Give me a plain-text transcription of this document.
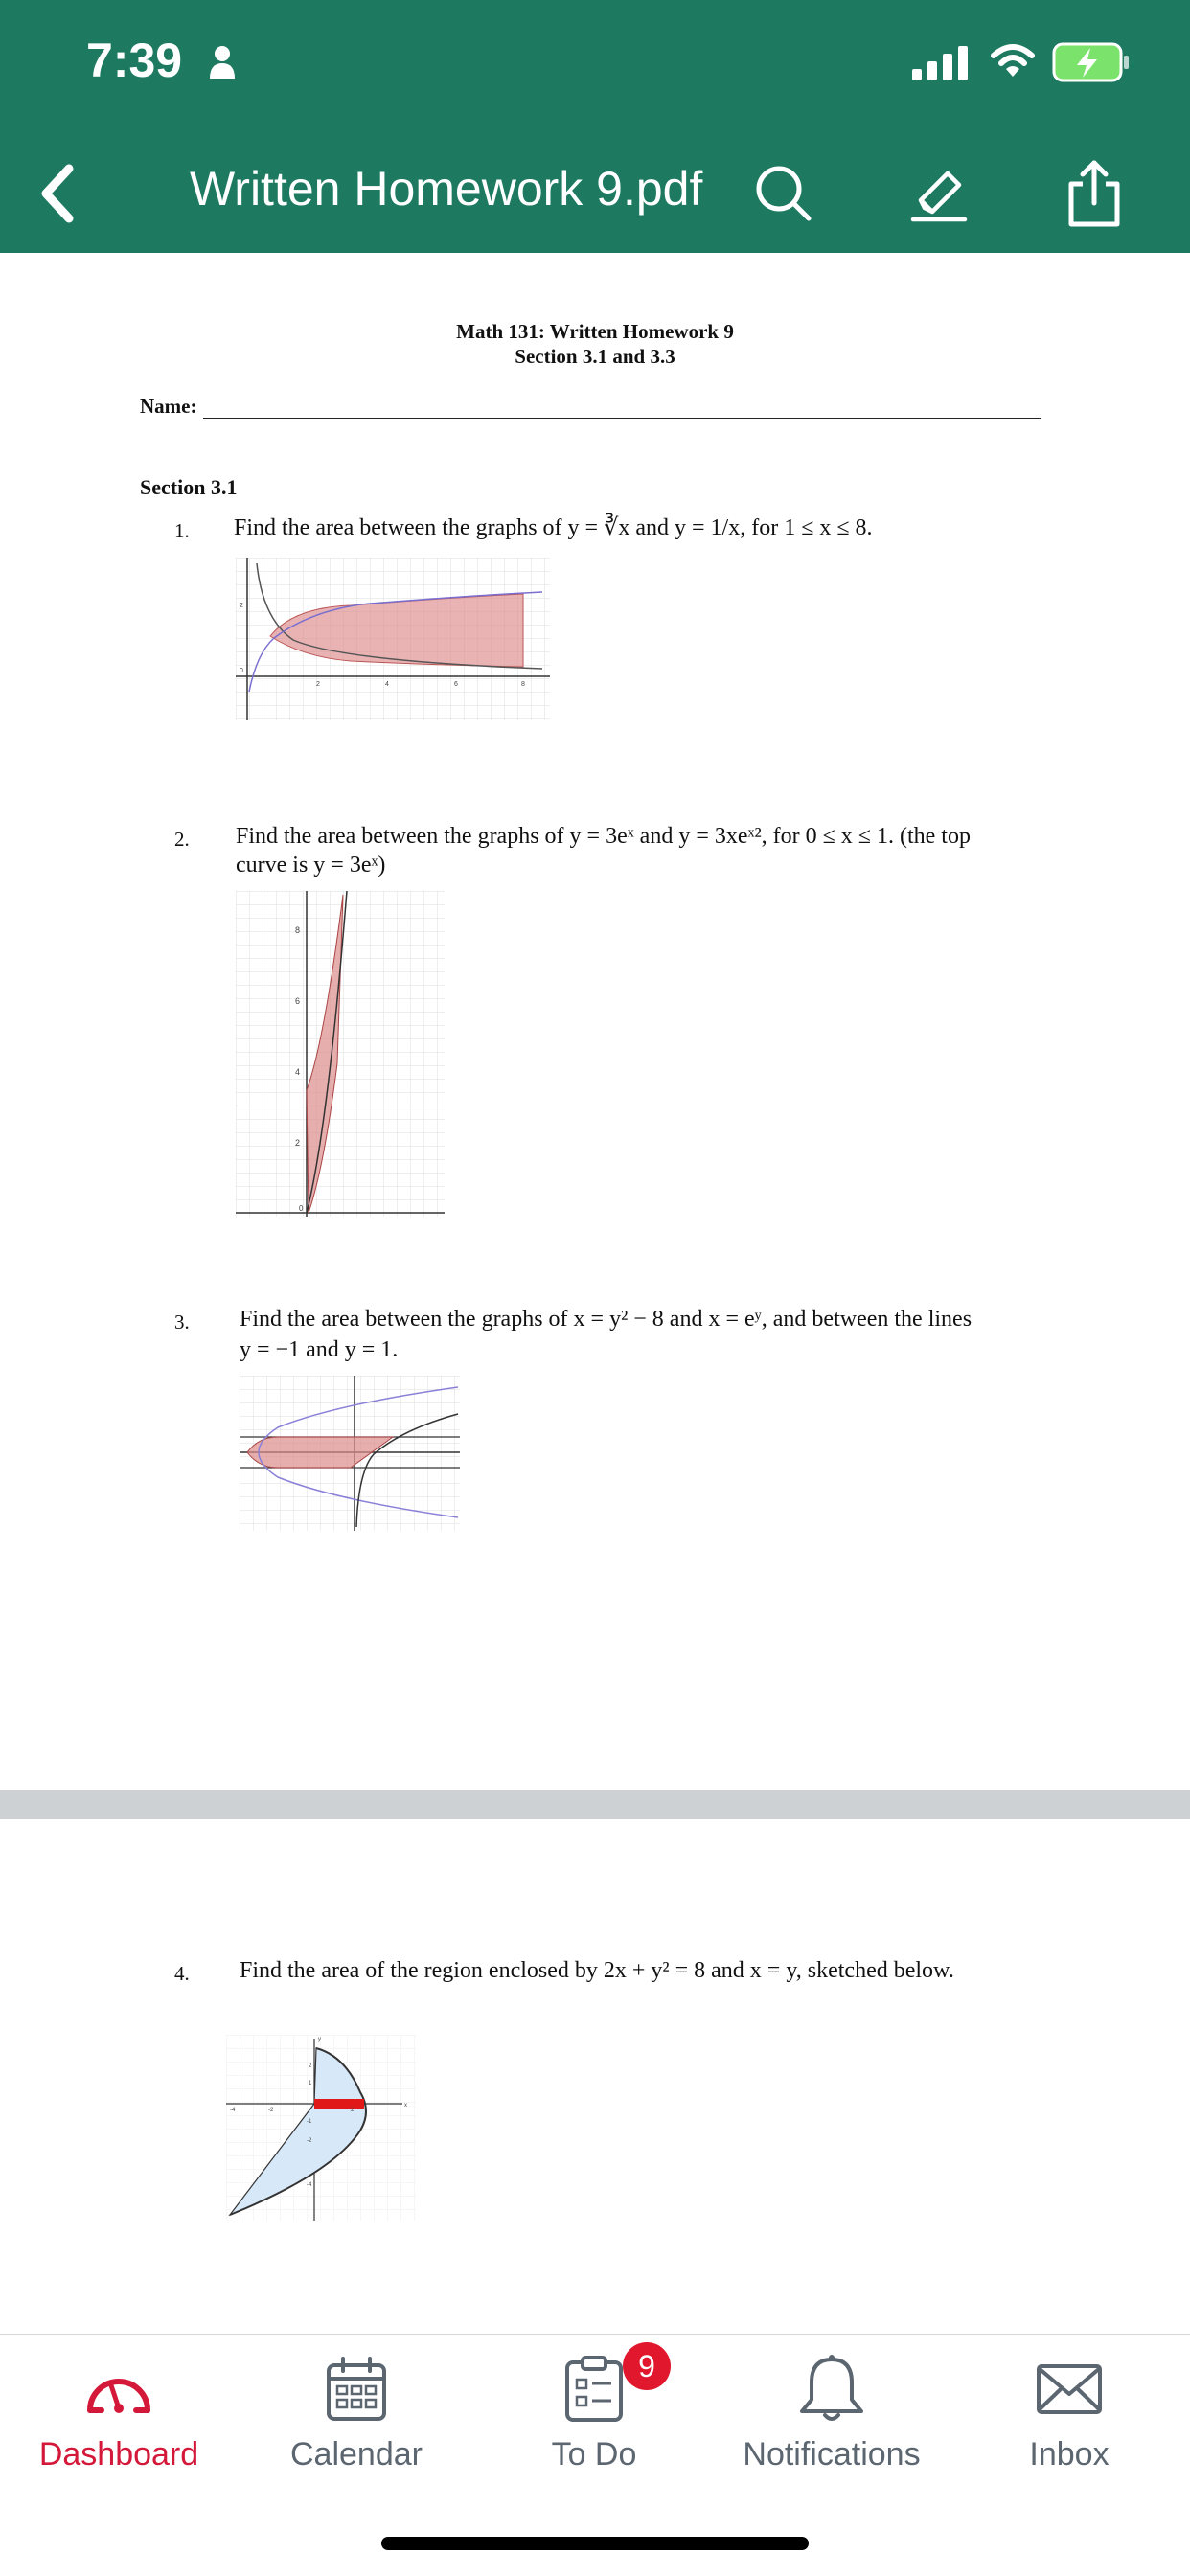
7:39
Written Homework 9.pdf
Math 131: Written Homework 9
Section 3.1 and 3.3
Name:
Section 3.1
1. Find the area between the graphs of y = ∛x and y = 1/x, for 1 ≤ x ≤ 8.
2
0
2	4	6	8
2. Find the area between the graphs of y = 3eˣ and y = 3xeˣ², for 0 ≤ x ≤ 1. (the top
curve is y = 3eˣ)
8
6
4
2
0
3. Find the area between the graphs of x = y² − 8 and x = eʸ, and between the lines
y = −1 and y = 1.
4. Find the area of the region enclosed by 2x + y² = 8 and x = y, sketched below.
y
2
1
-1
-2
-4
-4	-2	2
x
Dashboard	Calendar
9
To Do	Notifications	Inbox
